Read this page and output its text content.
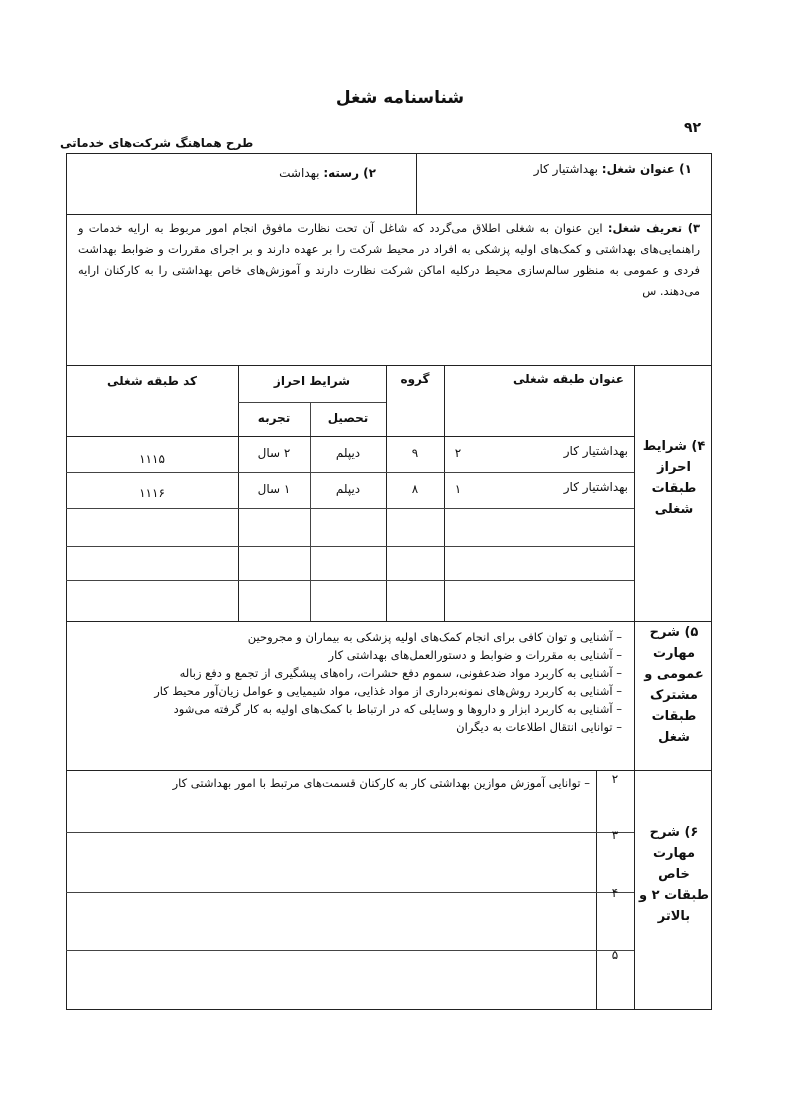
شناسنامه شغل
۹۲
طرح هماهنگ شرکت‌های خدماتی
۱) عنوان شغل: بهداشتیار کار
۲) رسته: بهداشت
۳) تعریف شغل: این عنوان به شغلی اطلاق می‌گردد که شاغل آن تحت نظارت مافوق انجام امور مربوط به ارایه خدمات و راهنمایی‌های بهداشتی و کمک‌های اولیه پزشکی به افراد در محیط شرکت را بر عهده دارند و بر اجرای مقررات و ضوابط بهداشت فردی و عمومی به منظور سالم‌سازی محیط درکلیه اماکن شرکت نظارت دارند و آموزش‌های خاص بهداشتی را به کارکنان ارایه می‌دهند. س
۴) شرایط احراز طبقات شغلی
عنوان طبقه شغلی
گروه
شرایط احراز
تحصیل
تجربه
کد طبقه شغلی
بهداشتیار کار
۲
۹
دیپلم
۲ سال
۱۱۱۵
بهداشتیار کار
۱
۸
دیپلم
۱ سال
۱۱۱۶
۵) شرح مهارت عمومی و مشترک طبقات شغل
– آشنایی و توان کافی برای انجام کمک‌های اولیه پزشکی به بیماران و مجروحین
– آشنایی به مقررات و ضوابط و دستورالعمل‌های بهداشتی کار
– آشنایی به کاربرد مواد ضدعفونی، سموم دفع حشرات، راه‌های پیشگیری از تجمع و دفع زباله
– آشنایی به کاربرد روش‌های نمونه‌برداری از مواد غذایی، مواد شیمیایی و عوامل زیان‌آور محیط کار
– آشنایی به کاربرد ابزار و داروها و وسایلی که در ارتباط با کمک‌های اولیه به کار گرفته می‌شود
– توانایی انتقال اطلاعات به دیگران
۶) شرح مهارت خاص طبقات ۲ و بالاتر
۲
– توانایی آموزش موازین بهداشتی کار به کارکنان قسمت‌های مرتبط با امور بهداشتی کار
۳
۴
۵
